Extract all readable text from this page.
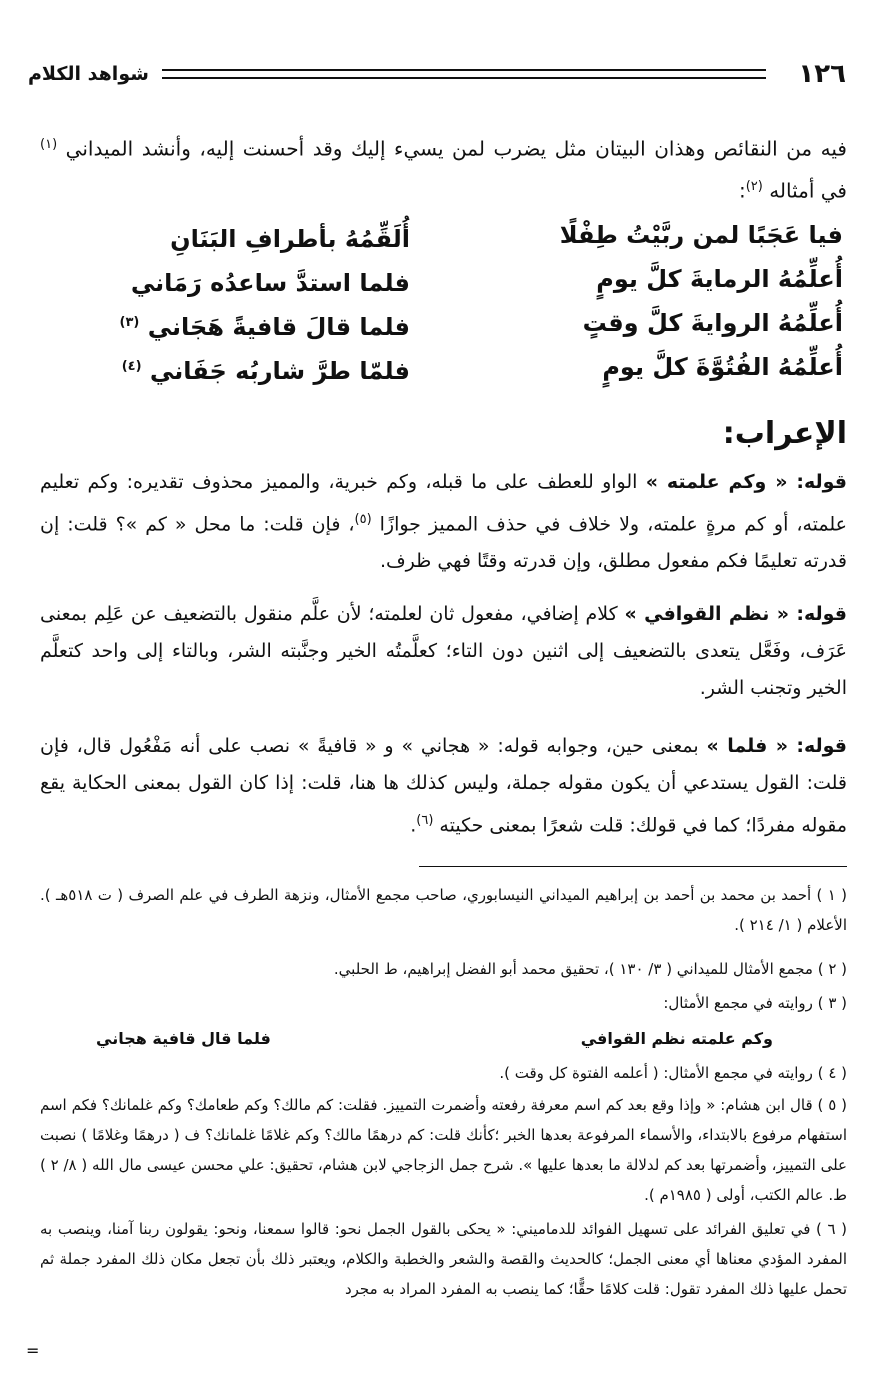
١٢٦
شواهد الكلام
فيه من النقائص وهذان البيتان مثل يضرب لمن يسيء إليك وقد أحسنت إليه، وأنشد الميداني $^{(١)}$ في أمثاله $^{(٢)}$:
فيا عَجَبًا لمن ربَّيْتُ طِفْلًا
أُلَقِّمُهُ بأطرافِ البَنَانِ
أُعلِّمُهُ الرمايةَ كلَّ يومٍ
فلما استدَّ ساعدُه رَمَاني
أُعلِّمُهُ الروايةَ كلَّ وقتٍ
فلما قالَ قافيةً هَجَاني $^{(٣)}$
أُعلِّمُهُ الفُتُوَّةَ كلَّ يومٍ
فلمّا طرَّ شاربُه جَفَاني $^{(٤)}$
الإعراب:
قوله: « وكم علمته » الواو للعطف على ما قبله، وكم خبرية، والمميز محذوف تقديره: وكم تعليم علمته، أو كم مرةٍ علمته، ولا خلاف في حذف المميز جوازًا $^{(٥)}$، فإن قلت: ما محل « كم »؟ قلت: إن قدرته تعليمًا فكم مفعول مطلق، وإن قدرته وقتًا فهي ظرف.
قوله: « نظم القوافي » كلام إضافي، مفعول ثان لعلمته؛ لأن علَّم منقول بالتضعيف عن عَلِم بمعنى عَرَف، وفَعَّل يتعدى بالتضعيف إلى اثنين دون التاء؛ كعلَّمتُه الخير وجنَّبته الشر، وبالتاء إلى واحد كتعلَّم الخير وتجنب الشر.
قوله: « فلما » بمعنى حين، وجوابه قوله: « هجاني » و « قافيةً » نصب على أنه مَفْعُول قال، فإن قلت: القول يستدعي أن يكون مقوله جملة، وليس كذلك ها هنا، قلت: إذا كان القول بمعنى الحكاية يقع مقوله مفردًا؛ كما في قولك: قلت شعرًا بمعنى حكيته $^{(٦)}$.
( ١ ) أحمد بن محمد بن أحمد بن إبراهيم الميداني النيسابوري، صاحب مجمع الأمثال، ونزهة الطرف في علم الصرف ( ت ٥١٨هـ ). الأعلام ( ١/ ٢١٤ ).
( ٢ ) مجمع الأمثال للميداني ( ٣/ ١٣٠ )، تحقيق محمد أبو الفضل إبراهيم، ط الحلبي.
( ٣ ) روايته في مجمع الأمثال:
وكم علمته نظم القوافي
فلما قال قافية هجاني
( ٤ ) روايته في مجمع الأمثال: ( أعلمه الفتوة كل وقت ).
( ٥ ) قال ابن هشام: « وإذا وقع بعد كم اسم معرفة رفعته وأضمرت التمييز. فقلت: كم مالك؟ وكم طعامك؟ وكم غلمانك؟ فكم اسم استفهام مرفوع بالابتداء، والأسماء المرفوعة بعدها الخبر ؛كأنك قلت: كم درهمًا مالك؟ وكم غلامًا غلمانك؟ ف ( درهمًا وغلامًا ) نصبت على التمييز، وأضمرتها بعد كم لدلالة ما بعدها عليها ». شرح جمل الزجاجي لابن هشام، تحقيق: علي محسن عيسى مال الله ( ٨/ ٢ ) ط. عالم الكتب، أولى ( ١٩٨٥م ).
( ٦ ) في تعليق الفرائد على تسهيل الفوائد للدماميني: « يحكى بالقول الجمل نحو: قالوا سمعنا، ونحو: يقولون ربنا آمنا، وينصب به المفرد المؤدي معناها أي معنى الجمل؛ كالحديث والقصة والشعر والخطبة والكلام، ويعتبر ذلك بأن تجعل مكان ذلك المفرد جملة ثم تحمل عليها ذلك المفرد تقول: قلت كلامًا حقًّا؛ كما ينصب به المفرد المراد به مجرد
=
